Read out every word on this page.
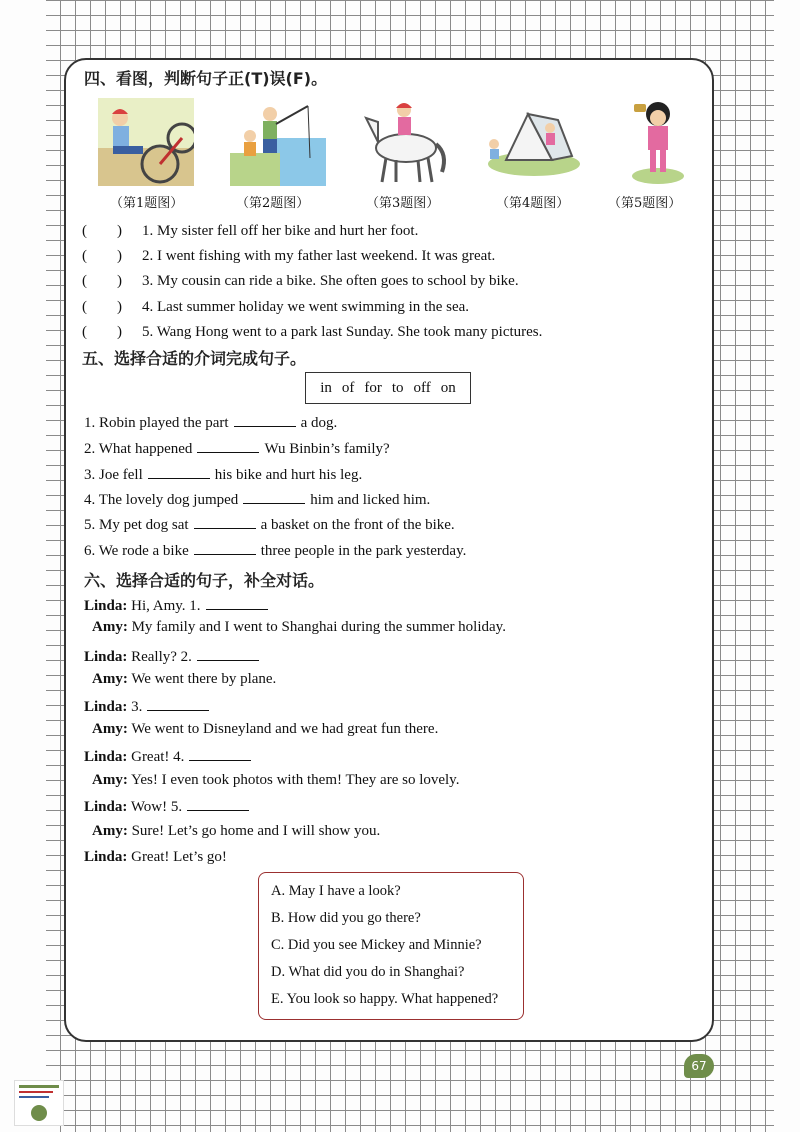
四、看图，判断句子正(T)误(F)。
（第1题图）	（第2题图）	（第3题图）	（第4题图）	（第5题图）
(　　) 1. My sister fell off her bike and hurt her foot.
(　　) 2. I went fishing with my father last weekend. It was great.
(　　) 3. My cousin can ride a bike. She often goes to school by bike.
(　　) 4. Last summer holiday we went swimming in the sea.
(　　) 5. Wang Hong went to a park last Sunday. She took many pictures.
五、选择合适的介词完成句子。
in of for to off on
1. Robin played the part	a dog.
2. What happened	Wu Binbin’s family?
3. Joe fell	his bike and hurt his leg.
4. The lovely dog jumped	him and licked him.
5. My pet dog sat	a basket on the front of the bike.
6. We rode a bike	three people in the park yesterday.
六、选择合适的句子，补全对话。
Linda: Hi, Amy. 1.
Amy: My family and I went to Shanghai during the summer holiday.
Linda: Really? 2.
Amy: We went there by plane.
Linda: 3.
Amy: We went to Disneyland and we had great fun there.
Linda: Great! 4.
Amy: Yes! I even took photos with them! They are so lovely.
Linda: Wow! 5.
Amy: Sure! Let’s go home and I will show you.
Linda: Great! Let’s go!
A. May I have a look?
B. How did you go there?
C. Did you see Mickey and Minnie?
D. What did you do in Shanghai?
E. You look so happy. What happened?
67
